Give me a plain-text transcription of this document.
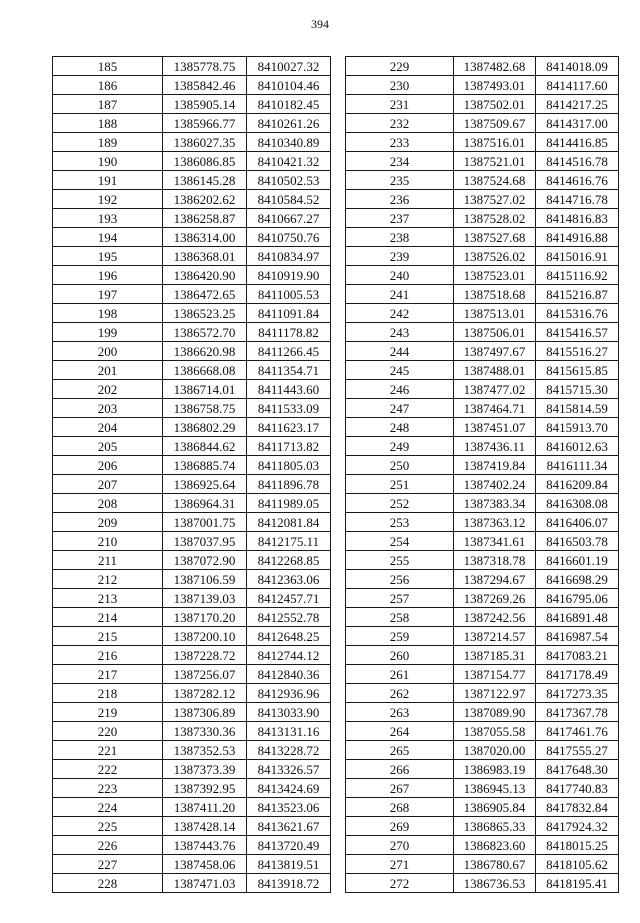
394
185	1385778.75	8410027.32
186	1385842.46	8410104.46
187	1385905.14	8410182.45
188	1385966.77	8410261.26
189	1386027.35	8410340.89
190	1386086.85	8410421.32
191	1386145.28	8410502.53
192	1386202.62	8410584.52
193	1386258.87	8410667.27
194	1386314.00	8410750.76
195	1386368.01	8410834.97
196	1386420.90	8410919.90
197	1386472.65	8411005.53
198	1386523.25	8411091.84
199	1386572.70	8411178.82
200	1386620.98	8411266.45
201	1386668.08	8411354.71
202	1386714.01	8411443.60
203	1386758.75	8411533.09
204	1386802.29	8411623.17
205	1386844.62	8411713.82
206	1386885.74	8411805.03
207	1386925.64	8411896.78
208	1386964.31	8411989.05
209	1387001.75	8412081.84
210	1387037.95	8412175.11
211	1387072.90	8412268.85
212	1387106.59	8412363.06
213	1387139.03	8412457.71
214	1387170.20	8412552.78
215	1387200.10	8412648.25
216	1387228.72	8412744.12
217	1387256.07	8412840.36
218	1387282.12	8412936.96
219	1387306.89	8413033.90
220	1387330.36	8413131.16
221	1387352.53	8413228.72
222	1387373.39	8413326.57
223	1387392.95	8413424.69
224	1387411.20	8413523.06
225	1387428.14	8413621.67
226	1387443.76	8413720.49
227	1387458.06	8413819.51
228	1387471.03	8413918.72
229	1387482.68	8414018.09
230	1387493.01	8414117.60
231	1387502.01	8414217.25
232	1387509.67	8414317.00
233	1387516.01	8414416.85
234	1387521.01	8414516.78
235	1387524.68	8414616.76
236	1387527.02	8414716.78
237	1387528.02	8414816.83
238	1387527.68	8414916.88
239	1387526.02	8415016.91
240	1387523.01	8415116.92
241	1387518.68	8415216.87
242	1387513.01	8415316.76
243	1387506.01	8415416.57
244	1387497.67	8415516.27
245	1387488.01	8415615.85
246	1387477.02	8415715.30
247	1387464.71	8415814.59
248	1387451.07	8415913.70
249	1387436.11	8416012.63
250	1387419.84	8416111.34
251	1387402.24	8416209.84
252	1387383.34	8416308.08
253	1387363.12	8416406.07
254	1387341.61	8416503.78
255	1387318.78	8416601.19
256	1387294.67	8416698.29
257	1387269.26	8416795.06
258	1387242.56	8416891.48
259	1387214.57	8416987.54
260	1387185.31	8417083.21
261	1387154.77	8417178.49
262	1387122.97	8417273.35
263	1387089.90	8417367.78
264	1387055.58	8417461.76
265	1387020.00	8417555.27
266	1386983.19	8417648.30
267	1386945.13	8417740.83
268	1386905.84	8417832.84
269	1386865.33	8417924.32
270	1386823.60	8418015.25
271	1386780.67	8418105.62
272	1386736.53	8418195.41
